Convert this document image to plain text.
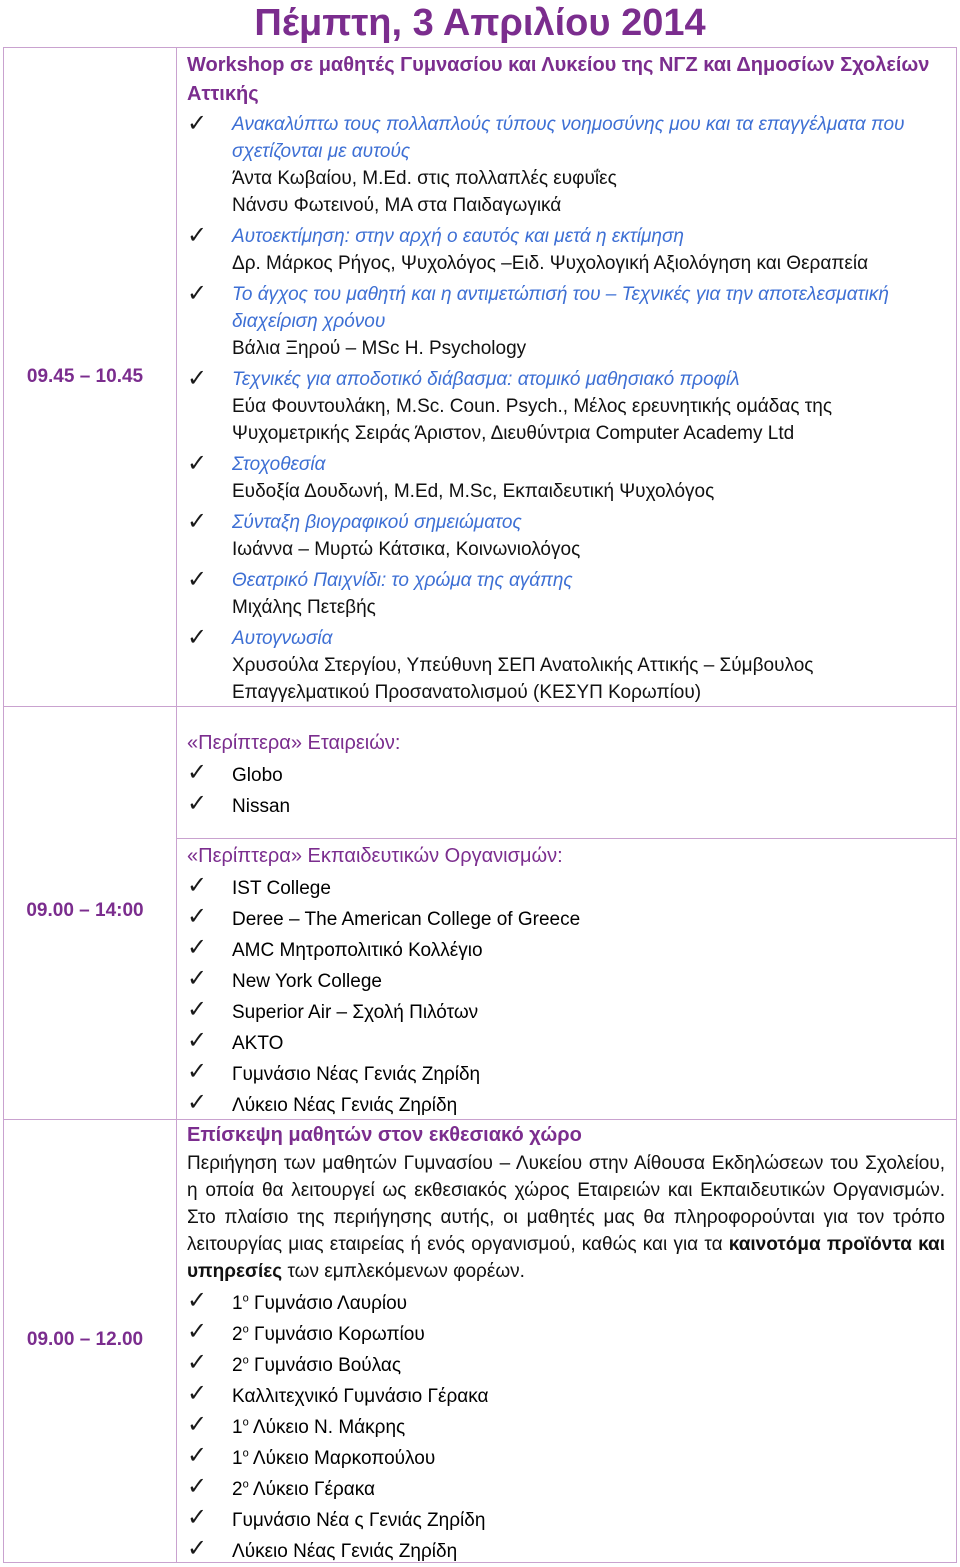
Πέμπτη, 3 Απριλίου 2014
09.45 – 10.45
09.00 – 14:00
09.00 – 12.00
Workshop σε μαθητές Γυμνασίου και Λυκείου της ΝΓΖ και Δημοσίων Σχολείων Αττικής
✓ Ανακαλύπτω τους πολλαπλούς τύπους νοημοσύνης μου και τα επαγγέλματα που σχετίζονται με αυτούς
Άντα Κωβαίου, M.Ed. στις πολλαπλές ευφυΐες
Νάνσυ Φωτεινού, ΜΑ στα Παιδαγωγικά
✓ Αυτοεκτίμηση: στην αρχή ο εαυτός και μετά η εκτίμηση
Δρ. Μάρκος Ρήγος, Ψυχολόγος –Ειδ. Ψυχολογική Αξιολόγηση και Θεραπεία
✓ Το άγχος του μαθητή και η αντιμετώπισή του – Τεχνικές για την αποτελεσματική διαχείριση χρόνου
Βάλια Ξηρού – MSc H. Psychology
✓ Τεχνικές για αποδοτικό διάβασμα: ατομικό μαθησιακό προφίλ
Εύα Φουντουλάκη, M.Sc. Coun. Psych., Μέλος ερευνητικής ομάδας της Ψυχομετρικής Σειράς Άριστον, Διευθύντρια Computer Academy Ltd
✓ Στοχοθεσία
Ευδοξία Δουδωνή, Μ.Ed, M.Sc, Εκπαιδευτική Ψυχολόγος
✓ Σύνταξη βιογραφικού σημειώματος
Ιωάννα – Μυρτώ Κάτσικα, Κοινωνιολόγος
✓ Θεατρικό Παιχνίδι: το χρώμα της αγάπης
Μιχάλης Πετεβής
✓ Αυτογνωσία
Χρυσούλα Στεργίου, Υπεύθυνη ΣΕΠ Ανατολικής Αττικής – Σύμβουλος Επαγγελματικού Προσανατολισμού (ΚΕΣΥΠ Κορωπίου)
«Περίπτερα» Εταιρειών:
✓ Globo
✓ Nissan
«Περίπτερα» Εκπαιδευτικών Οργανισμών:
✓ IST College
✓ Deree – The American College of Greece
✓ AMC Μητροπολιτικό Κολλέγιο
✓ New York College
✓ Superior Air – Σχολή Πιλότων
✓ AKTO
✓ Γυμνάσιο Νέας Γενιάς Ζηρίδη
✓ Λύκειο Νέας Γενιάς Ζηρίδη
Επίσκεψη μαθητών στον εκθεσιακό χώρο
Περιήγηση των μαθητών Γυμνασίου – Λυκείου στην Αίθουσα Εκδηλώσεων του Σχολείου, η οποία θα λειτουργεί ως εκθεσιακός χώρος Εταιρειών και Εκπαιδευτικών Οργανισμών. Στο πλαίσιο της περιήγησης αυτής, οι μαθητές μας θα πληροφορούνται για τον τρόπο λειτουργίας μιας εταιρείας ή ενός οργανισμού, καθώς και για τα καινοτόμα προϊόντα και υπηρεσίες των εμπλεκόμενων φορέων.
✓ $1^o$ Γυμνάσιο Λαυρίου
✓ $2^o$ Γυμνάσιο Κορωπίου
✓ $2^o$ Γυμνάσιο Βούλας
✓ Καλλιτεχνικό Γυμνάσιο Γέρακα
✓ $1^o$ Λύκειο Ν. Μάκρης
✓ $1^o$ Λύκειο Μαρκοπούλου
✓ $2^o$ Λύκειο Γέρακα
✓ Γυμνάσιο Νέα ς Γενιάς Ζηρίδη
✓ Λύκειο Νέας Γενιάς Ζηρίδη
